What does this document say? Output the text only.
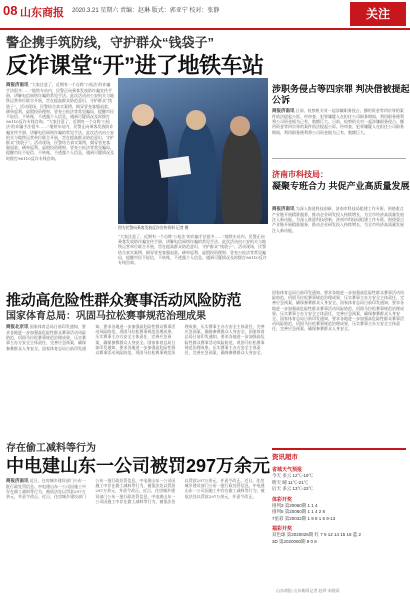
08 山东商报 2020.3.21 星期六 责编：赵琳 版式：郭亚宁 校对：张静	关注
警企携手筑防线，守护群众“钱袋子”
反诈课堂“开”进了地铁车站
商报济南讯 “大家注意了，近期有一个自称‘公检法’的诈骗手法很多……”地铁车站内，民警正向乘客发放防诈骗宣传手册，讲解电信网络诈骗的常见手法。此次活动由公安机关与地铁运营单位联合开展，旨在提高群众防范意识，守护群众“钱袋子”。活动现场，民警结合真实案例，揭穿冒充客服退款、刷单返利、虚假投资理财、冒充公检法等常见骗局，提醒市民不轻信、不转账、不透露个人信息，遇到可疑情况及时拨打96110反诈专线咨询。“大家注意了，近期有一个自称‘公检法’的诈骗手法很多……”地铁车站内，民警正向乘客发放防诈骗宣传手册，讲解电信网络诈骗的常见手法。此次活动由公安机关与地铁运营单位联合开展，旨在提高群众防范意识，守护群众“钱袋子”。活动现场，民警结合真实案例，揭穿冒充客服退款、刷单返利、虚假投资理财、冒充公检法等常见骗局，提醒市民不轻信、不转账、不透露个人信息，遇到可疑情况及时拨打96110反诈专线咨询。
图为民警向乘客发放反诈宣传资料 记者 摄
“大家注意了，近期有一个自称‘公检法’的诈骗手法很多……”地铁车站内，民警正向乘客发放防诈骗宣传手册，讲解电信网络诈骗的常见手法。此次活动由公安机关与地铁运营单位联合开展，旨在提高群众防范意识，守护群众“钱袋子”。活动现场，民警结合真实案例，揭穿冒充客服退款、刷单返利、虚假投资理财、冒充公检法等常见骗局，提醒市民不轻信、不转账、不透露个人信息，遇到可疑情况及时拨打96110反诈专线咨询。
涉职务侵占等四宗罪 判决借被提起公诉
商报济南讯 日前，检察机关对一起涉嫌职务侵占、挪用资金等四宗罪的案件依法提起公诉。经审查，犯罪嫌疑人在担任公司职务期间，利用职务便利将公司资金据为己有，数额巨大。日前，检察机关对一起涉嫌职务侵占、挪用资金等四宗罪的案件依法提起公诉。经审查，犯罪嫌疑人在担任公司职务期间，利用职务便利将公司资金据为己有，数额巨大。
济南市科技局：
凝聚专班合力 共促产业高质量发展
商报济南讯 为深入推进科技创新，济南市科技局组建工作专班，围绕重点产业链开展精准服务，推动企业研发投入持续增长，为全市经济高质量发展注入新动能。为深入推进科技创新，济南市科技局组建工作专班，围绕重点产业链开展精准服务，推动企业研发投入持续增长，为全市经济高质量发展注入新动能。
推动高危险性群众赛事活动风险防范
国家体育总局：巩固马拉松赛事规范治理成果
商报北京讯 国家体育总局日前印发通知，要求各地进一步加强高危险性群众赛事活动风险防范，巩固马拉松赛事规范治理成果，压实赛事主办方安全主体责任，完善应急预案，确保参赛群众人身安全。国家体育总局日前印发通知，要求各地进一步加强高危险性群众赛事活动风险防范，巩固马拉松赛事规范治理成果，压实赛事主办方安全主体责任，完善应急预案，确保参赛群众人身安全。国家体育总局日前印发通知，要求各地进一步加强高危险性群众赛事活动风险防范，巩固马拉松赛事规范治理成果，压实赛事主办方安全主体责任，完善应急预案，确保参赛群众人身安全。国家体育总局日前印发通知，要求各地进一步加强高危险性群众赛事活动风险防范，巩固马拉松赛事规范治理成果，压实赛事主办方安全主体责任，完善应急预案，确保参赛群众人身安全。
国家体育总局日前印发通知，要求各地进一步加强高危险性群众赛事活动风险防范，巩固马拉松赛事规范治理成果，压实赛事主办方安全主体责任，完善应急预案，确保参赛群众人身安全。国家体育总局日前印发通知，要求各地进一步加强高危险性群众赛事活动风险防范，巩固马拉松赛事规范治理成果，压实赛事主办方安全主体责任，完善应急预案，确保参赛群众人身安全。国家体育总局日前印发通知，要求各地进一步加强高危险性群众赛事活动风险防范，巩固马拉松赛事规范治理成果，压实赛事主办方安全主体责任，完善应急预案，确保参赛群众人身安全。
存在偷工减料等行为
中电建山东一公司被罚297万余元
商报济南讯 近日，住房城乡建设部门公布一批行政处罚信息。中电建山东一公司因施工中存在偷工减料等行为，被依法处以罚款297万余元，并责令改正。近日，住房城乡建设部门公布一批行政处罚信息。中电建山东一公司因施工中存在偷工减料等行为，被依法处以罚款297万余元，并责令改正。近日，住房城乡建设部门公布一批行政处罚信息。中电建山东一公司因施工中存在偷工减料等行为，被依法处以罚款297万余元，并责令改正。近日，住房城乡建设部门公布一批行政处罚信息。中电建山东一公司因施工中存在偷工减料等行为，被依法处以罚款297万余元，并责令改正。
资讯超市
省城天气预报
今天 多云 12℃-19℃
明天 晴 11℃-21℃
后天 多云 13℃-22℃
体彩开奖
排列3 第20060期 1 1 4
排列5 第20060期 1 1 4 2 8
7星彩 第20032期 1 9 8 1 5 9-13
福彩开奖
双色球 第2020026期 红 7 9 12 14 15 18 蓝 2
3D 第2020060期 9 0 8
山东商报·山东新闻记者 赵珍 宋晓雨
